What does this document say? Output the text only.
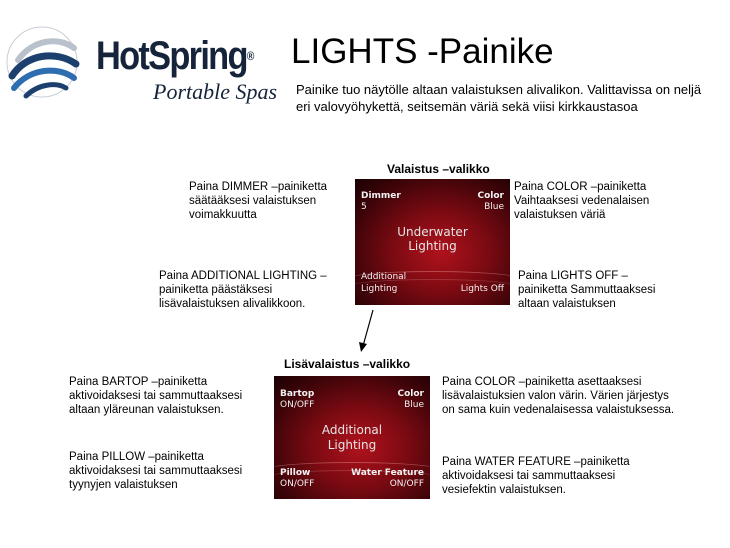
HotSpring®
Portable Spas
LIGHTS -Painike
Painike tuo näytölle altaan valaistuksen alivalikon. Valittavissa on neljä eri valovyöhykettä, seitsemän väriä sekä viisi kirkkaustasoa
Valaistus –valikko
Dimmer
5
Color
Blue
Underwater
Lighting
Additional
Lighting	Lights Off
Paina DIMMER –painiketta
säätääksesi valaistuksen
voimakkuutta
Paina COLOR –painiketta
Vaihtaaksesi vedenalaisen
valaistuksen väriä
Paina ADDITIONAL LIGHTING –
painiketta päästäksesi
lisävalaistuksen alivalikkoon.
Paina LIGHTS OFF –
painiketta Sammuttaaksesi
altaan valaistuksen
Lisävalaistus –valikko
Bartop
ON/OFF
Color
Blue
Additional
Lighting
Pillow
ON/OFF
Water Feature
ON/OFF
Paina BARTOP –painiketta
aktivoidaksesi tai sammuttaaksesi
altaan yläreunan valaistuksen.
Paina COLOR –painiketta asettaaksesi
lisävalaistuksien valon värin. Värien järjestys
on sama kuin vedenalaisessa valaistuksessa.
Paina PILLOW –painiketta
aktivoidaksesi tai sammuttaaksesi
tyynyjen valaistuksen
Paina WATER FEATURE –painiketta
aktivoidaksesi tai sammuttaaksesi
vesiefektin valaistuksen.
